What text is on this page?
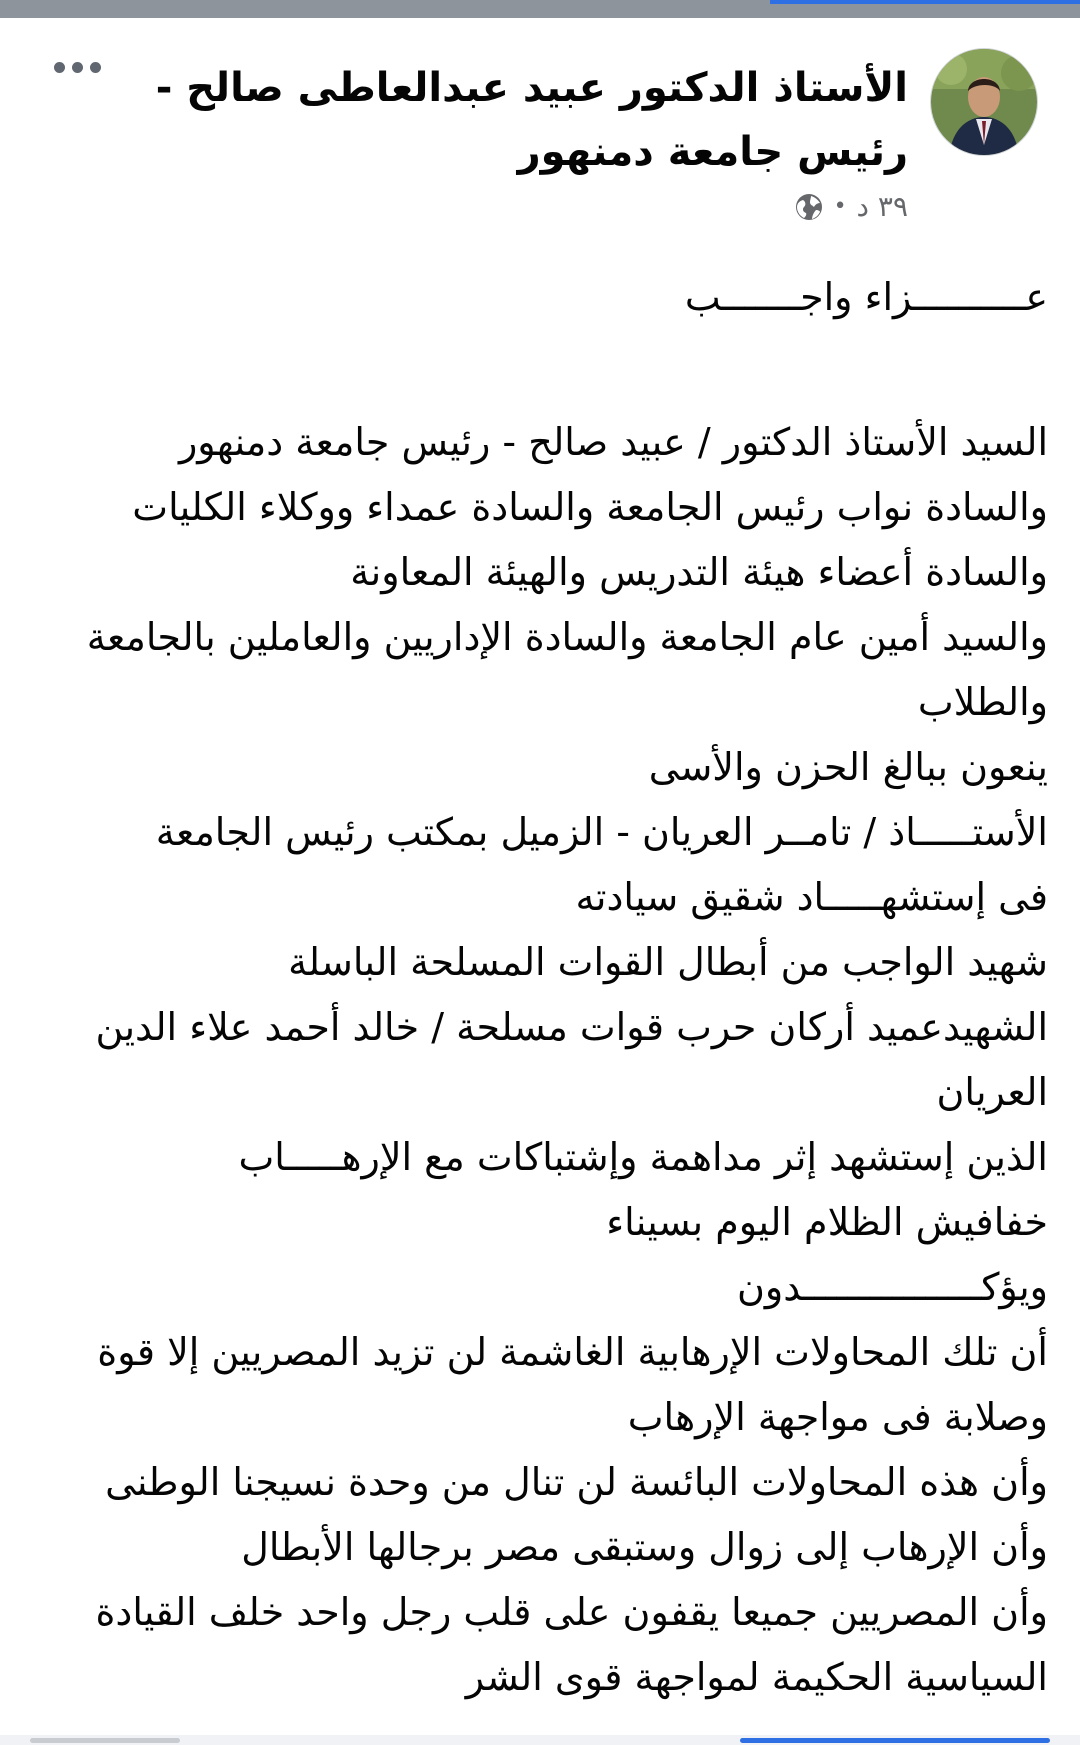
الأستاذ الدكتور عبيد عبدالعاطى صالح - رئيس جامعة دمنهور
٣٩ د
•

عــــــــــزاء واجـــــــب

السيد الأستاذ الدكتور / عبيد صالح - رئيس جامعة دمنهور

والسادة نواب رئيس الجامعة والسادة عمداء ووكلاء الكليات

والسادة أعضاء هيئة التدريس والهيئة المعاونة

والسيد أمين عام الجامعة والسادة الإداريين والعاملين بالجامعة والطلاب

ينعون ببالغ الحزن والأسى

الأستـــــاذ / تامــر العريان - الزميل بمكتب رئيس الجامعة

فى إستشهـــــاد شقيق سيادته

شهيد الواجب من أبطال القوات المسلحة الباسلة

الشهيدعميد أركان حرب قوات مسلحة / خالد أحمد علاء الدين العريان

الذين إستشهد إثر مداهمة وإشتباكات مع الإرهـــــاب

خفافيش الظلام اليوم بسيناء

ويؤكــــــــــــــــدون

أن تلك المحاولات الإرهابية الغاشمة لن تزيد المصريين إلا قوة وصلابة فى مواجهة الإرهاب

وأن هذه المحاولات البائسة لن تنال من وحدة نسيجنا الوطنى

وأن الإرهاب إلى زوال وستبقى مصر برجالها الأبطال

وأن المصريين جميعا يقفون على قلب رجل واحد خلف القيادة السياسية الحكيمة لمواجهة قوى الشر
